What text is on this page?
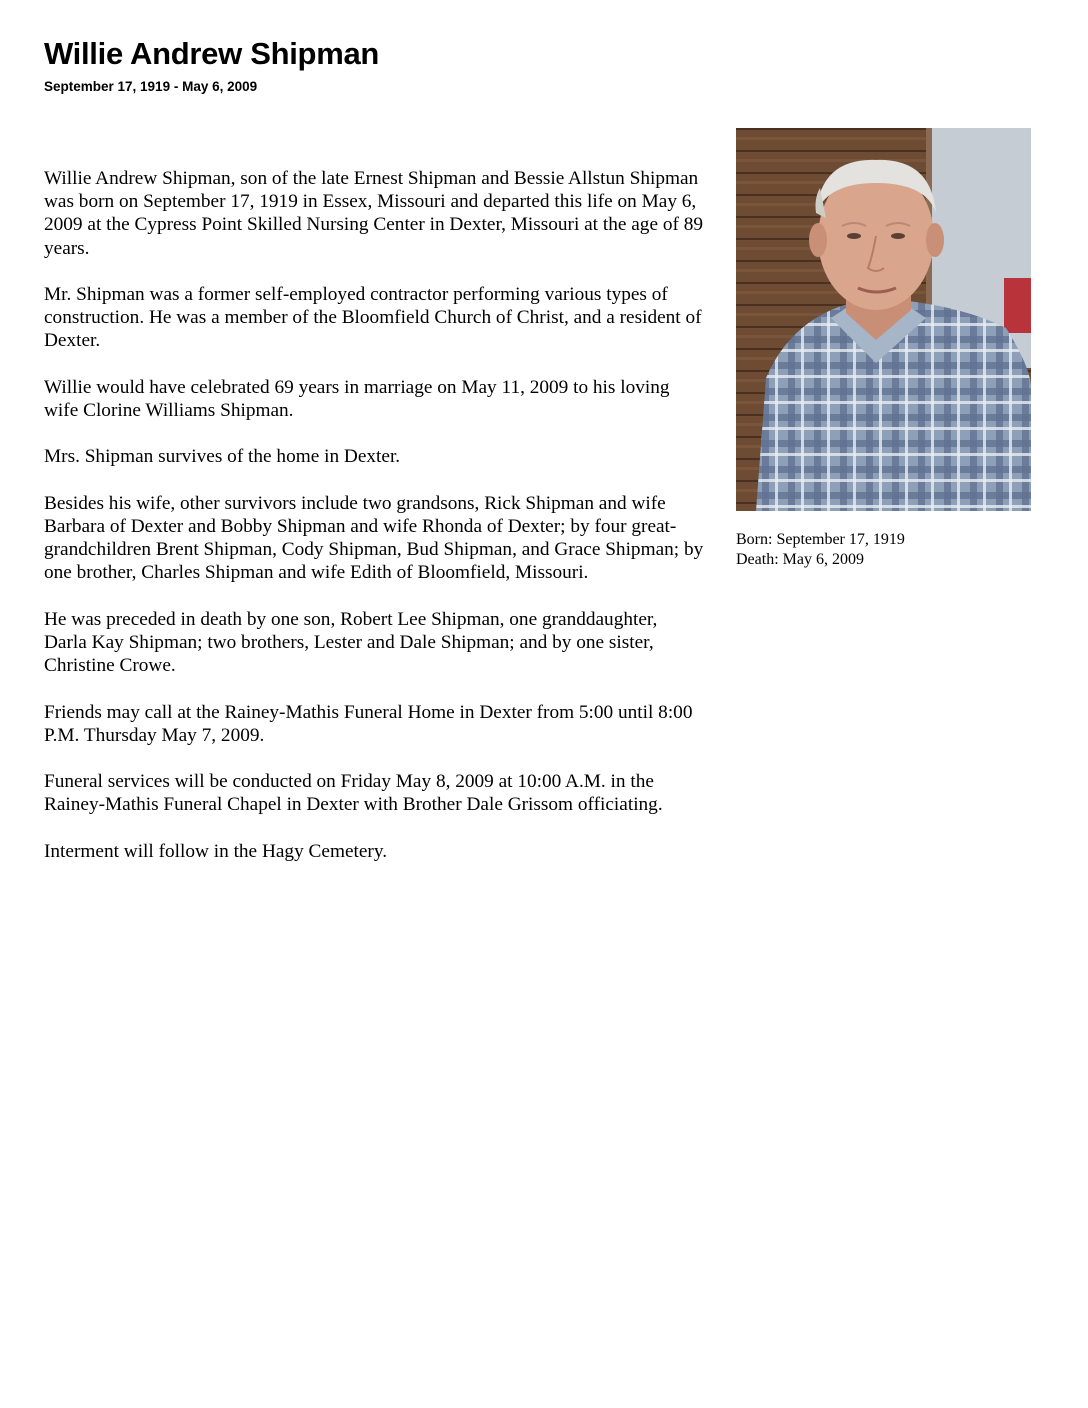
Willie Andrew Shipman
September 17, 1919 - May 6, 2009

Willie Andrew Shipman, son of the late Ernest Shipman and Bessie Allstun Shipman was born on September 17, 1919 in Essex, Missouri and departed this life on May 6, 2009 at the Cypress Point Skilled Nursing Center in Dexter, Missouri at the age of 89 years.

Mr. Shipman was a former self-employed contractor performing various types of construction. He was a member of the Bloomfield Church of Christ, and a resident of Dexter.

Willie would have celebrated 69 years in marriage on May 11, 2009 to his loving wife Clorine Williams Shipman.

Mrs. Shipman survives of the home in Dexter.

Besides his wife, other survivors include two grandsons, Rick Shipman and wife Barbara of Dexter and Bobby Shipman and wife Rhonda of Dexter; by four great-grandchildren Brent Shipman, Cody Shipman, Bud Shipman, and Grace Shipman; by one brother, Charles Shipman and wife Edith of Bloomfield, Missouri.

He was preceded in death by one son, Robert Lee Shipman, one granddaughter, Darla Kay Shipman; two brothers, Lester and Dale Shipman; and by one sister, Christine Crowe.

Friends may call at the Rainey-Mathis Funeral Home in Dexter from 5:00 until 8:00 P.M. Thursday May 7, 2009.

Funeral services will be conducted on Friday May 8, 2009 at 10:00 A.M. in the Rainey-Mathis Funeral Chapel in Dexter with Brother Dale Grissom officiating.

Interment will follow in the Hagy Cemetery.

Born: September 17, 1919
Death: May 6, 2009
